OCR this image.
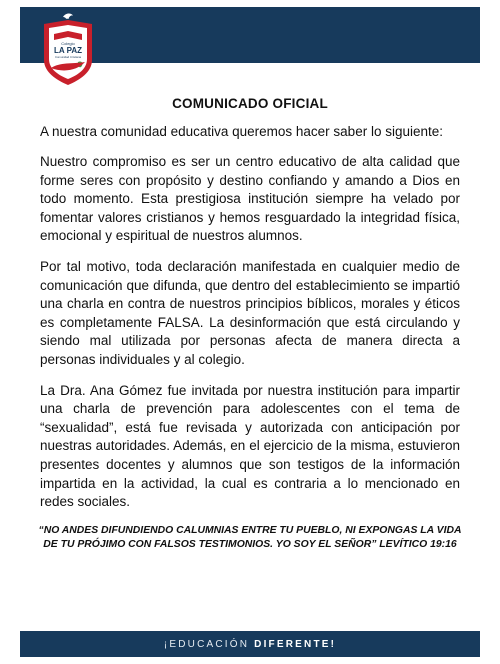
Colegio
LA PAZ
Comunidad Cristiana
COMUNICADO OFICIAL
A nuestra comunidad educativa queremos hacer saber lo siguiente:

Nuestro compromiso es ser un centro educativo de alta calidad que forme seres con propósito y destino confiando y amando a Dios en todo momento. Esta prestigiosa institución siempre ha velado por fomentar valores cristianos y hemos resguardado la integridad física, emocional y espiritual de nuestros alumnos.

Por tal motivo, toda declaración manifestada en cualquier medio de comunicación que difunda, que dentro del establecimiento se impartió una charla en contra de nuestros principios bíblicos, morales y éticos es completamente FALSA. La desinformación que está circulando y siendo mal utilizada por personas afecta de manera directa a personas individuales y al colegio.

La Dra. Ana Gómez fue invitada por nuestra institución para impartir una charla de prevención para adolescentes con el tema de “sexualidad”, está fue revisada y autorizada con anticipación por nuestras autoridades. Además, en el ejercicio de la misma, estuvieron presentes docentes y alumnos que son testigos de la información impartida en la actividad, la cual es contraria a lo mencionado en redes sociales.

“NO ANDES DIFUNDIENDO CALUMNIAS ENTRE TU PUEBLO, NI EXPONGAS LA VIDA DE TU PRÓJIMO CON FALSOS TESTIMONIOS. YO SOY EL SEÑOR” LEVÍTICO 19:16
¡EDUCACIÓN DIFERENTE!
